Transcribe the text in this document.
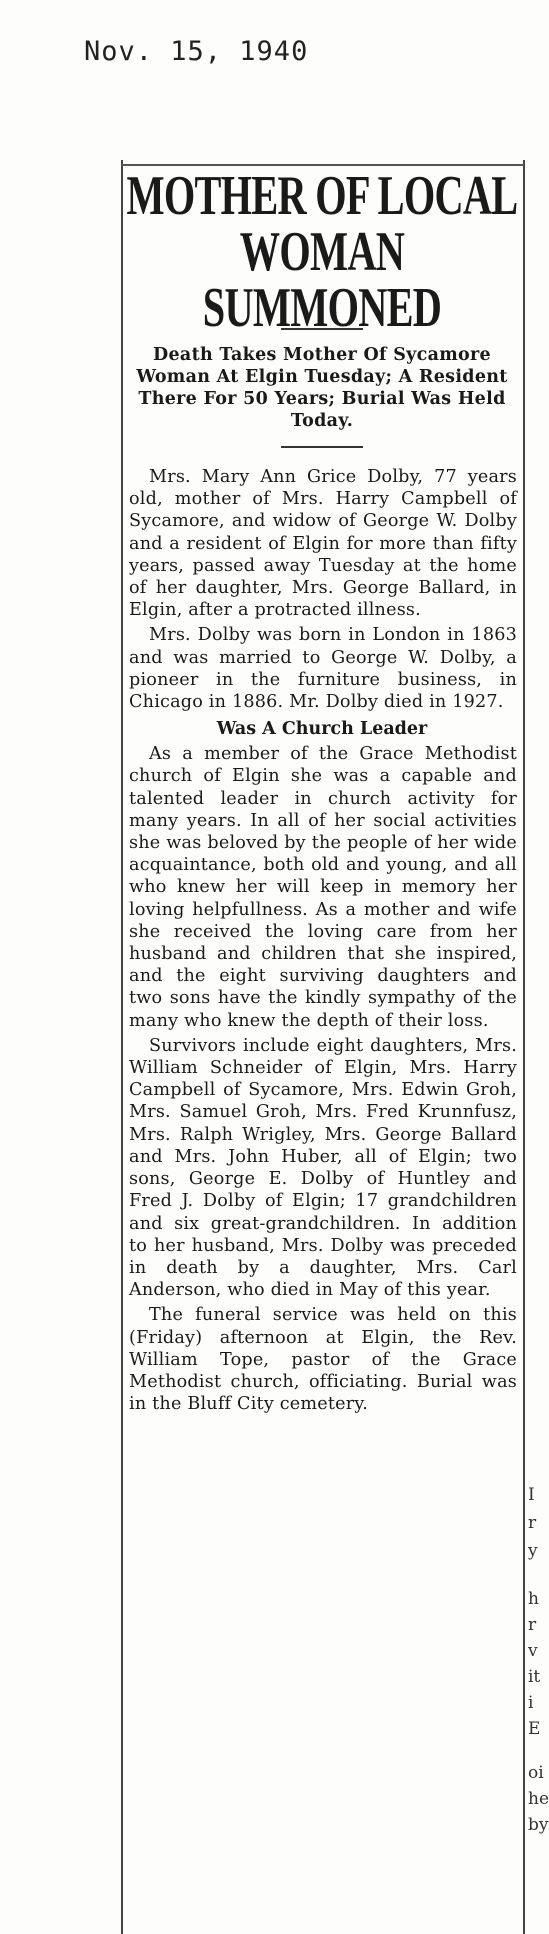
Nov. 15, 1940
MOTHER OF LOCAL
WOMAN SUMMONED
Death Takes Mother Of Sycamore Woman At Elgin Tuesday; A Resident There For 50 Years; Burial Was Held Today.

Mrs. Mary Ann Grice Dolby, 77 years old, mother of Mrs. Harry Campbell of Sycamore, and widow of George W. Dolby and a resident of Elgin for more than fifty years, passed away Tuesday at the home of her daughter, Mrs. George Ballard, in Elgin, after a protracted illness.

Mrs. Dolby was born in London in 1863 and was married to George W. Dolby, a pioneer in the furniture business, in Chicago in 1886. Mr. Dolby died in 1927.

Was A Church Leader

As a member of the Grace Methodist church of Elgin she was a capable and talented leader in church activity for many years. In all of her social activities she was beloved by the people of her wide acquaintance, both old and young, and all who knew her will keep in memory her loving helpfullness. As a mother and wife she received the loving care from her husband and children that she inspired, and the eight surviving daughters and two sons have the kindly sympathy of the many who knew the depth of their loss.

Survivors include eight daughters, Mrs. William Schneider of Elgin, Mrs. Harry Campbell of Sycamore, Mrs. Edwin Groh, Mrs. Samuel Groh, Mrs. Fred Krunnfusz, Mrs. Ralph Wrigley, Mrs. George Ballard and Mrs. John Huber, all of Elgin; two sons, George E. Dolby of Huntley and Fred J. Dolby of Elgin; 17 grandchildren and six great-grandchildren. In addition to her husband, Mrs. Dolby was preceded in death by a daughter, Mrs. Carl Anderson, who died in May of this year.

The funeral service was held on this (Friday) afternoon at Elgin, the Rev. William Tope, pastor of the Grace Methodist church, officiating. Burial was in the Bluff City cemetery.

I
r
y
h
r
v
it
i
E
oi
he
by
